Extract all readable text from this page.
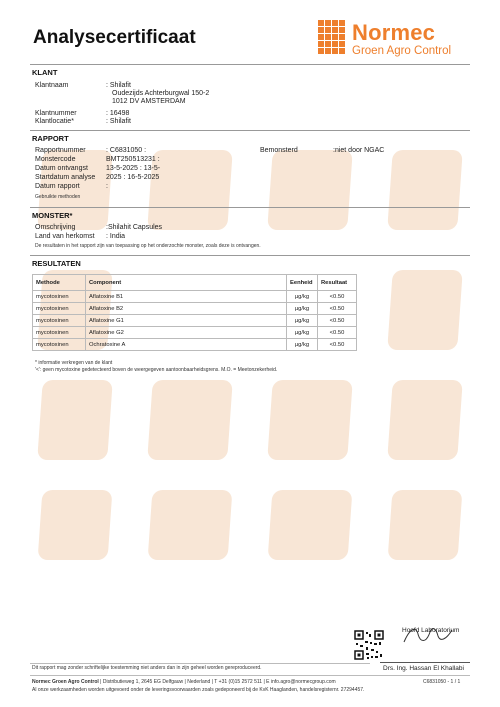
Analysecertificaat	Normec
Groen Agro Control
KLANT
Klantnaam	: Shilafit
Oudezijds Achterburgwal 150-2
1012 DV AMSTERDAM
Klantnummer	: 16498
Klantlocatie*	: Shilafit
RAPPORT
Rapportnummer	: C6831050 :	Bemonsterd	:niet door NGAC
Monstercode	BMT250513231 :
Datum ontvangst	13-5-2025 : 13-5-
Startdatum analyse 2025 : 16-5-2025
Datum rapport	:
Gebruikte methoden
MONSTER*
Omschrijving	:Shilahit Capsules
Land van herkomst : India
De resultaten in het rapport zijn van toepassing op het onderzochte monster, zoals deze is ontvangen.
RESULTATEN
Methode	Component	Eenheid	Resultaat
mycotoxinen	Aflatoxine B1	µg/kg	<0.50
mycotoxinen	Aflatoxine B2	µg/kg	<0.50
mycotoxinen	Aflatoxine G1	µg/kg	<0.50
mycotoxinen	Aflatoxine G2	µg/kg	<0.50
mycotoxinen	Ochratoxine A	µg/kg	<0.50
* informatie verkregen van de klant
'<': geen mycotoxine gedetecteerd boven de weergegeven aantoonbaarheidsgrens. M.O. = Meetonzekerheid.
Hoofd Laboratorium
Drs. Ing. Hassan El Khallabi
Dit rapport mag zonder schriftelijke toestemming niet anders dan in zijn geheel worden gereproduceerd.
Normec Groen Agro Control | Distributieweg 1, 2645 EG Delfgauw | Nederland | T +31 (0)15 2572 511 | E info.agro@normecgroup.com	C6831050 - 1 / 1
Al onze werkzaamheden worden uitgevoerd onder de leveringsvoorwaarden zoals gedeponeerd bij de KvK Haaglanden, handelsregisternr. 27294457.
